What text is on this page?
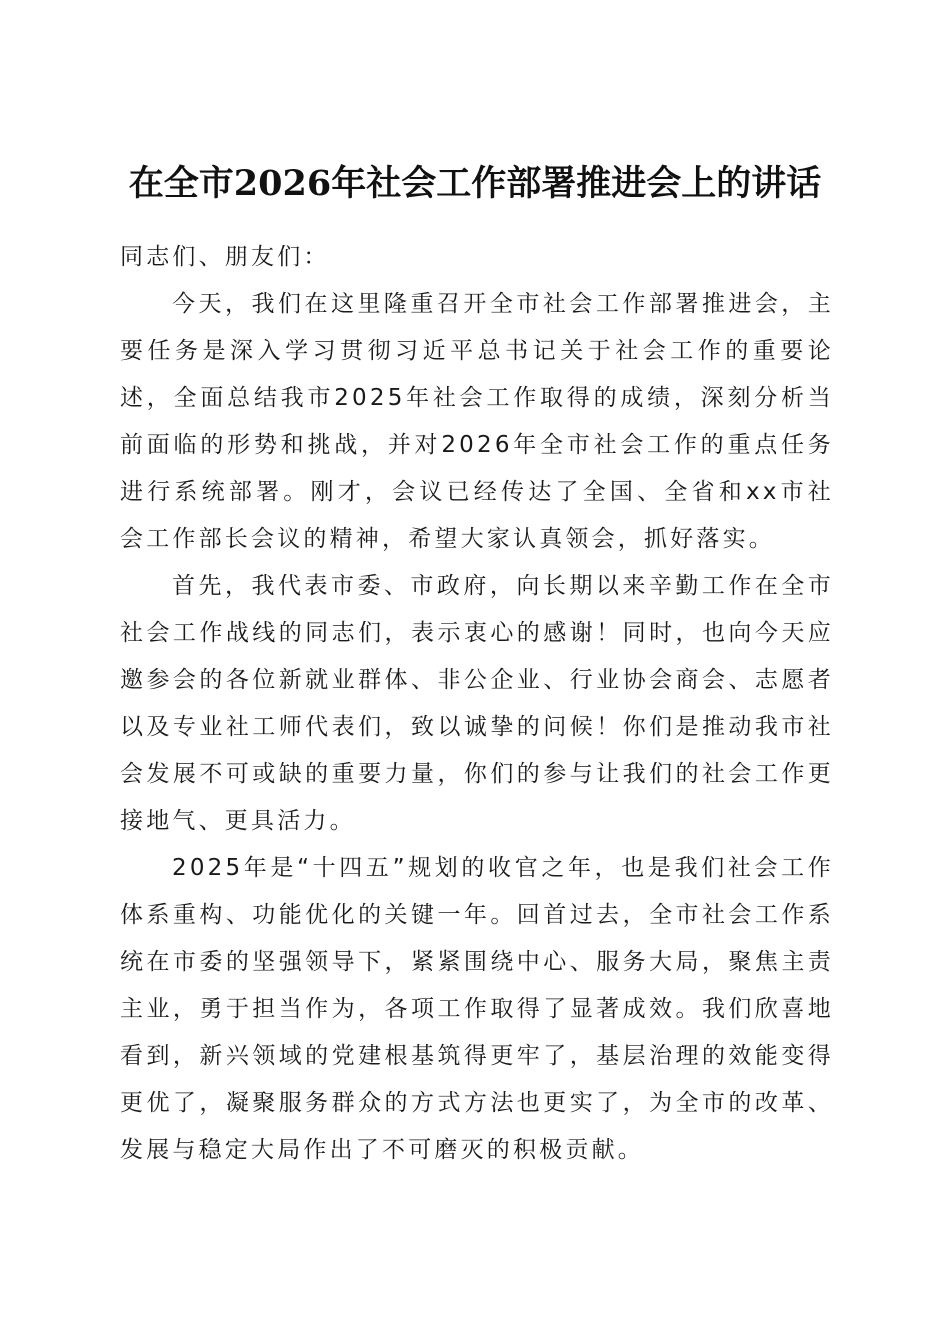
在全市2026年社会工作部署推进会上的讲话

同志们、朋友们：

今天，我们在这里隆重召开全市社会工作部署推进会，主要任务是深入学习贯彻习近平总书记关于社会工作的重要论述，全面总结我市2025年社会工作取得的成绩，深刻分析当前面临的形势和挑战，并对2026年全市社会工作的重点任务进行系统部署。刚才，会议已经传达了全国、全省和xx市社会工作部长会议的精神，希望大家认真领会，抓好落实。

首先，我代表市委、市政府，向长期以来辛勤工作在全市社会工作战线的同志们，表示衷心的感谢！同时，也向今天应邀参会的各位新就业群体、非公企业、行业协会商会、志愿者以及专业社工师代表们，致以诚挚的问候！你们是推动我市社会发展不可或缺的重要力量，你们的参与让我们的社会工作更接地气、更具活力。

2025年是“十四五”规划的收官之年，也是我们社会工作体系重构、功能优化的关键一年。回首过去，全市社会工作系统在市委的坚强领导下，紧紧围绕中心、服务大局，聚焦主责主业，勇于担当作为，各项工作取得了显著成效。我们欣喜地看到，新兴领域的党建根基筑得更牢了，基层治理的效能变得更优了，凝聚服务群众的方式方法也更实了，为全市的改革、发展与稳定大局作出了不可磨灭的积极贡献。
